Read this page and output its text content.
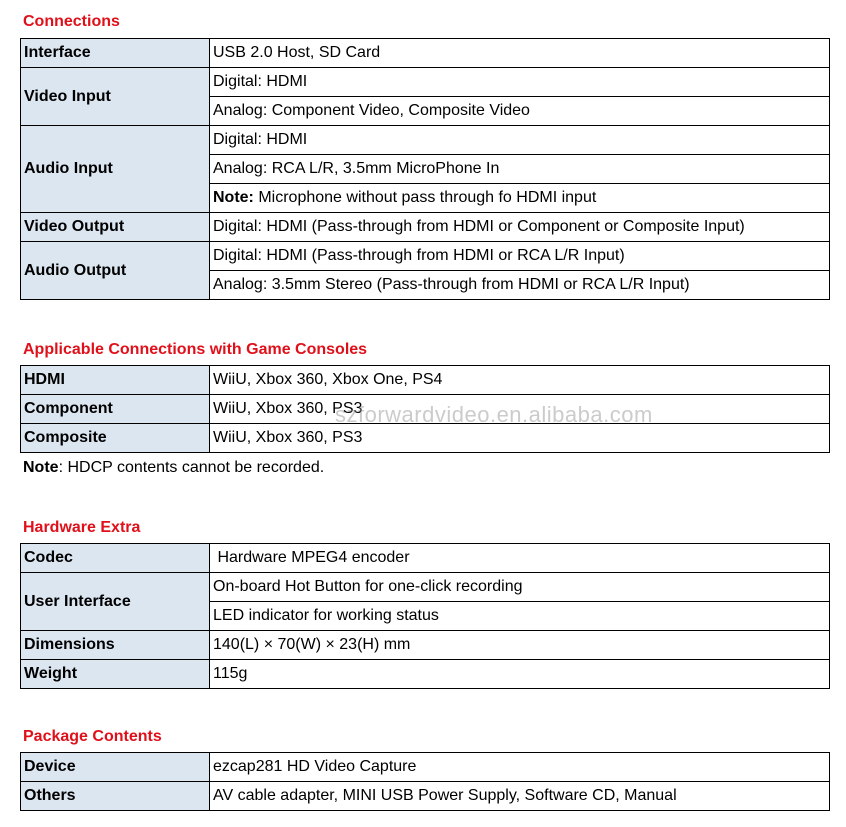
Connections
Interface	USB 2.0 Host, SD Card
Video Input	Digital: HDMI
	Analog: Component Video, Composite Video
Audio Input	Digital: HDMI
	Analog: RCA L/R, 3.5mm MicroPhone In
	Note: Microphone without pass through fo HDMI input
Video Output	Digital: HDMI (Pass-through from HDMI or Component or Composite Input)
Audio Output	Digital: HDMI (Pass-through from HDMI or RCA L/R Input)
	Analog: 3.5mm Stereo (Pass-through from HDMI or RCA L/R Input)
Applicable Connections with Game Consoles
HDMI	WiiU, Xbox 360, Xbox One, PS4
Component	WiiU, Xbox 360, PS3
Composite	WiiU, Xbox 360, PS3
Note: HDCP contents cannot be recorded.
szforwardvideo.en.alibaba.com
Hardware Extra
Codec	Hardware MPEG4 encoder
User Interface	On-board Hot Button for one-click recording
	LED indicator for working status
Dimensions	140(L) × 70(W) × 23(H) mm
Weight	115g
Package Contents
Device	ezcap281 HD Video Capture
Others	AV cable adapter, MINI USB Power Supply, Software CD, Manual
